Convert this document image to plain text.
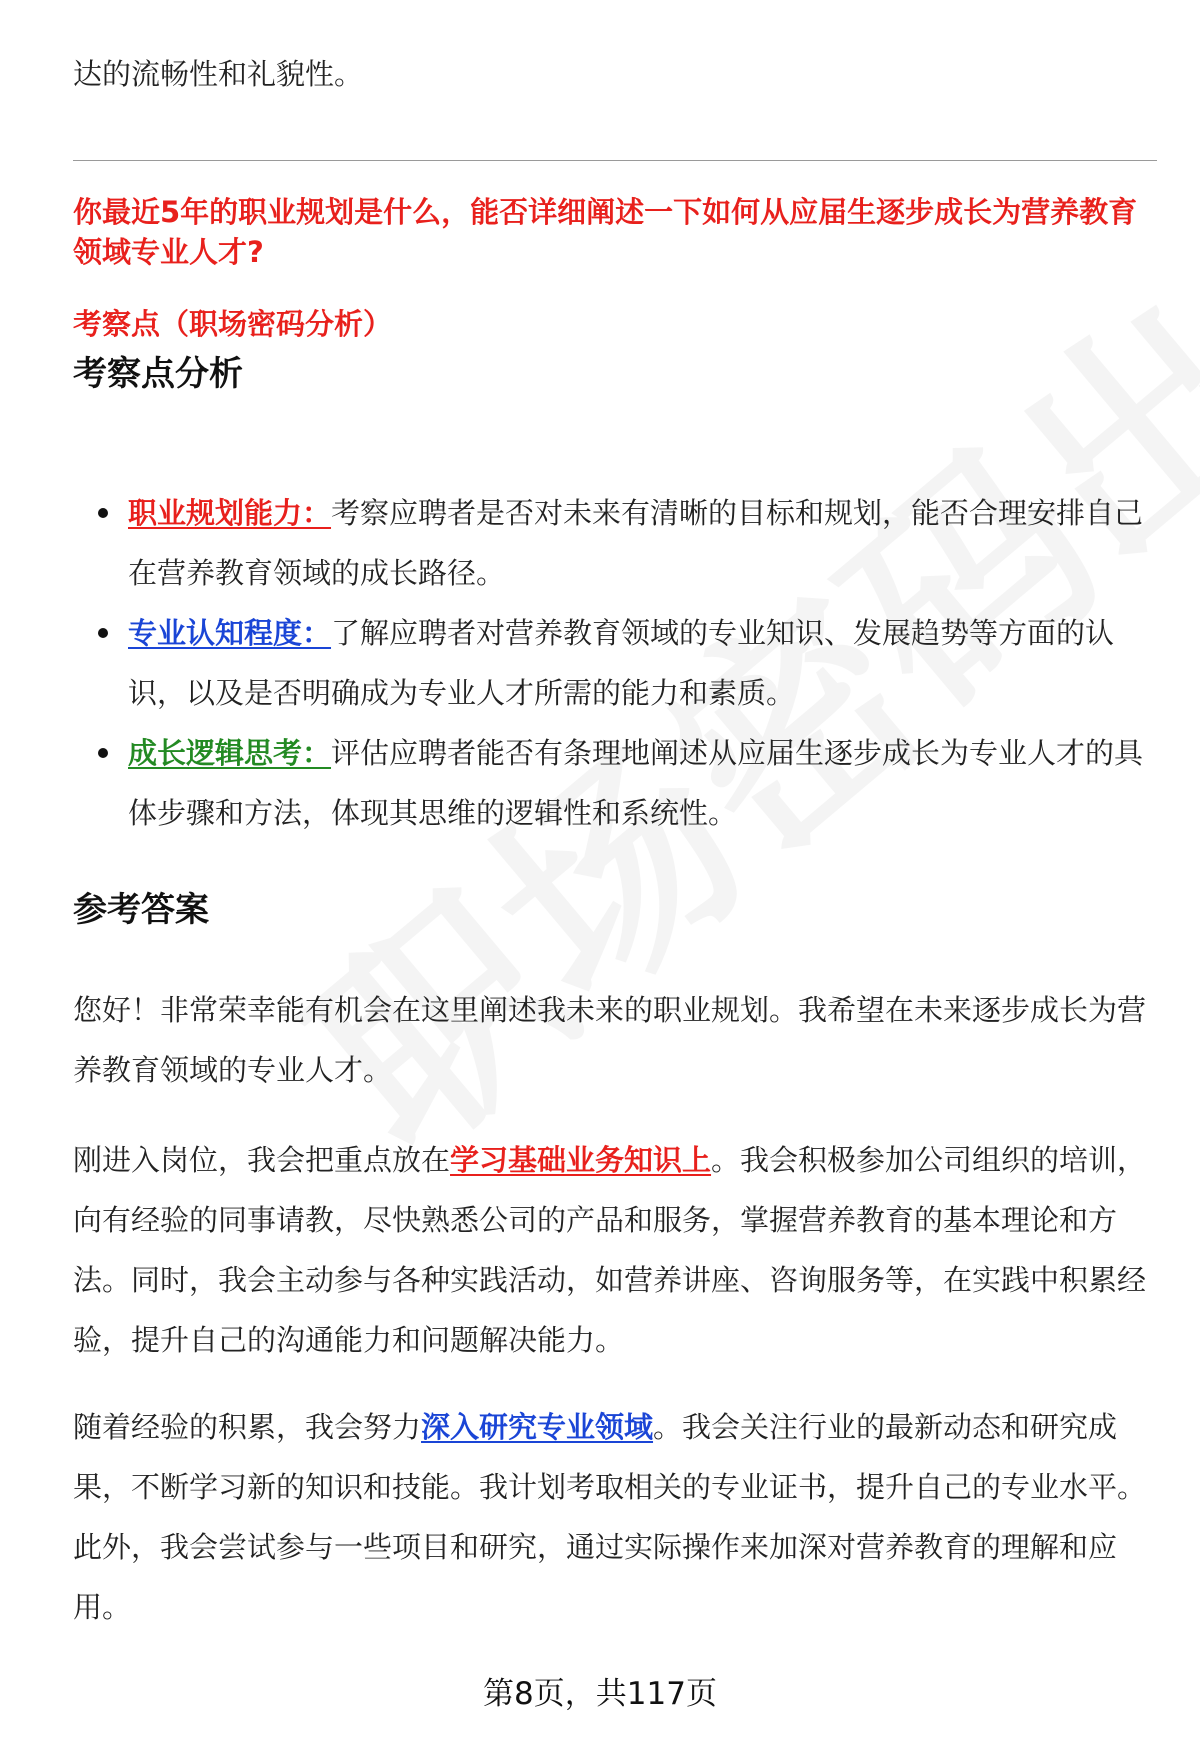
达的流畅性和礼貌性。
你最近5年的职业规划是什么，能否详细阐述一下如何从应届生逐步成长为营养教育领域专业人才?
考察点（职场密码分析）
考察点分析
职业规划能力：考察应聘者是否对未来有清晰的目标和规划，能否合理安排自己在营养教育领域的成长路径。
专业认知程度：了解应聘者对营养教育领域的专业知识、发展趋势等方面的认识，以及是否明确成为专业人才所需的能力和素质。
成长逻辑思考：评估应聘者能否有条理地阐述从应届生逐步成长为专业人才的具体步骤和方法，体现其思维的逻辑性和系统性。
参考答案
您好！非常荣幸能有机会在这里阐述我未来的职业规划。我希望在未来逐步成长为营养教育领域的专业人才。
刚进入岗位，我会把重点放在学习基础业务知识上。我会积极参加公司组织的培训，向有经验的同事请教，尽快熟悉公司的产品和服务，掌握营养教育的基本理论和方法。同时，我会主动参与各种实践活动，如营养讲座、咨询服务等，在实践中积累经验，提升自己的沟通能力和问题解决能力。
随着经验的积累，我会努力深入研究专业领域。我会关注行业的最新动态和研究成果，不断学习新的知识和技能。我计划考取相关的专业证书，提升自己的专业水平。此外，我会尝试参与一些项目和研究，通过实际操作来加深对营养教育的理解和应用。
第8页，共117页
